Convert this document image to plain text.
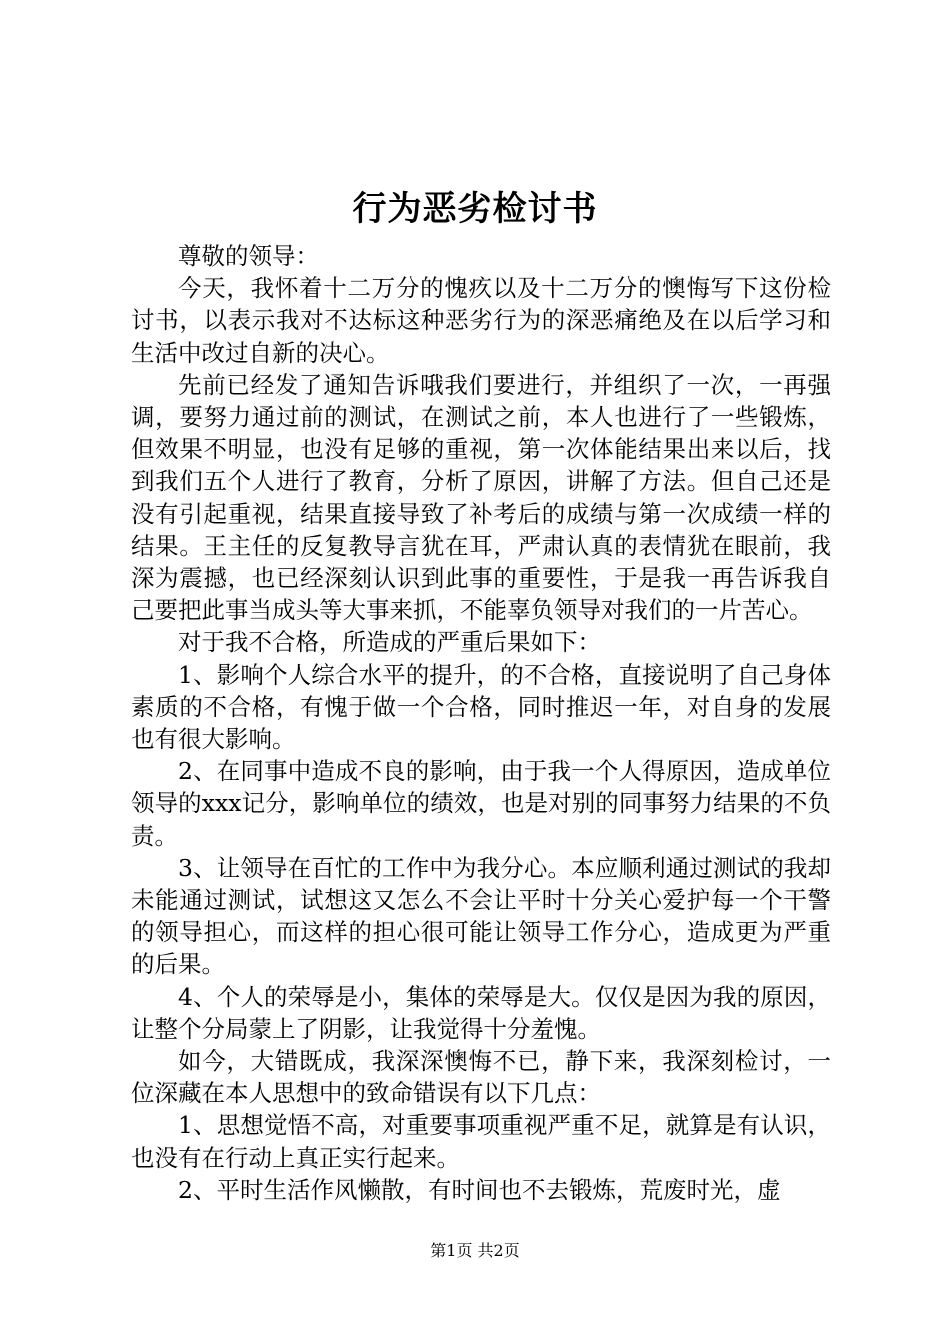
行为恶劣检讨书

尊敬的领导：

今天，我怀着十二万分的愧疚以及十二万分的懊悔写下这份检讨书，以表示我对不达标这种恶劣行为的深恶痛绝及在以后学习和生活中改过自新的决心。

先前已经发了通知告诉哦我们要进行，并组织了一次，一再强调，要努力通过前的测试，在测试之前，本人也进行了一些锻炼，但效果不明显，也没有足够的重视，第一次体能结果出来以后，找到我们五个人进行了教育，分析了原因，讲解了方法。但自己还是没有引起重视，结果直接导致了补考后的成绩与第一次成绩一样的结果。王主任的反复教导言犹在耳，严肃认真的表情犹在眼前，我深为震撼，也已经深刻认识到此事的重要性，于是我一再告诉我自己要把此事当成头等大事来抓，不能辜负领导对我们的一片苦心。

对于我不合格，所造成的严重后果如下：

1、影响个人综合水平的提升，的不合格，直接说明了自己身体素质的不合格，有愧于做一个合格，同时推迟一年，对自身的发展也有很大影响。

2、在同事中造成不良的影响，由于我一个人得原因，造成单位领导的xxx记分，影响单位的绩效，也是对别的同事努力结果的不负责。

3、让领导在百忙的工作中为我分心。本应顺利通过测试的我却未能通过测试，试想这又怎么不会让平时十分关心爱护每一个干警的领导担心，而这样的担心很可能让领导工作分心，造成更为严重的后果。

4、个人的荣辱是小，集体的荣辱是大。仅仅是因为我的原因，让整个分局蒙上了阴影，让我觉得十分羞愧。

如今，大错既成，我深深懊悔不已，静下来，我深刻检讨，一位深藏在本人思想中的致命错误有以下几点：

1、思想觉悟不高，对重要事项重视严重不足，就算是有认识，也没有在行动上真正实行起来。

2、平时生活作风懒散，有时间也不去锻炼，荒废时光，虚

第1页 共2页
